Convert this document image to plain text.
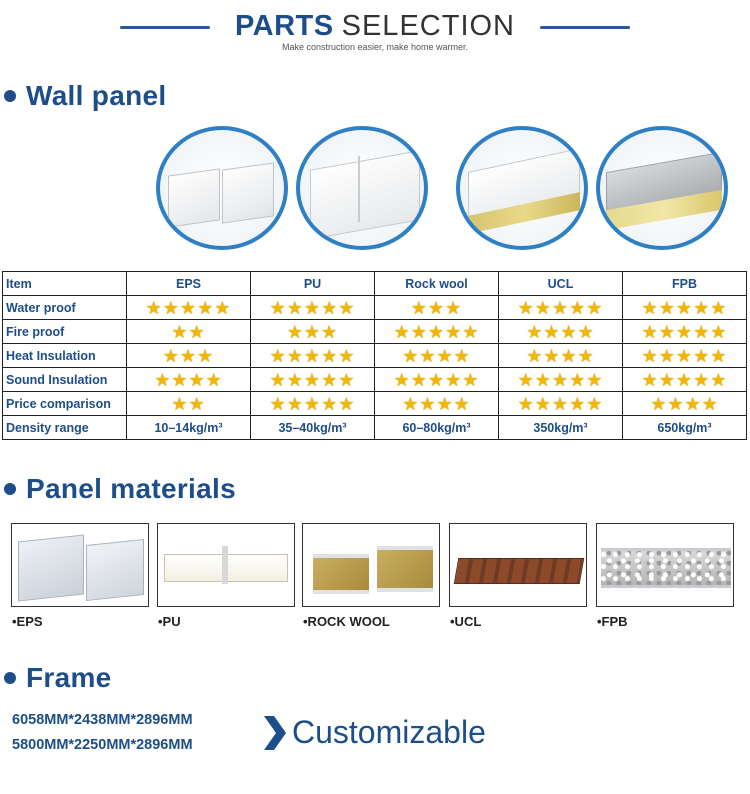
PARTS SELECTION
Make construction easier, make home warmer.
Wall panel
Item	EPS	PU	Rock wool	UCL	FPB
Water proof	★★★★★	★★★★★	★★★	★★★★★	★★★★★
Fire proof	★★	★★★	★★★★★	★★★★	★★★★★
Heat Insulation	★★★	★★★★★	★★★★	★★★★	★★★★★
Sound Insulation	★★★★	★★★★★	★★★★★	★★★★★	★★★★★
Price comparison	★★	★★★★★	★★★★	★★★★★	★★★★
Density range	10–14kg/m³	35–40kg/m³	60–80kg/m³	350kg/m³	650kg/m³
Panel materials
•EPS	•PU	•ROCK WOOL	•UCL	•FPB
Frame
6058MM*2438MM*2896MM
5800MM*2250MM*2896MM	Customizable
